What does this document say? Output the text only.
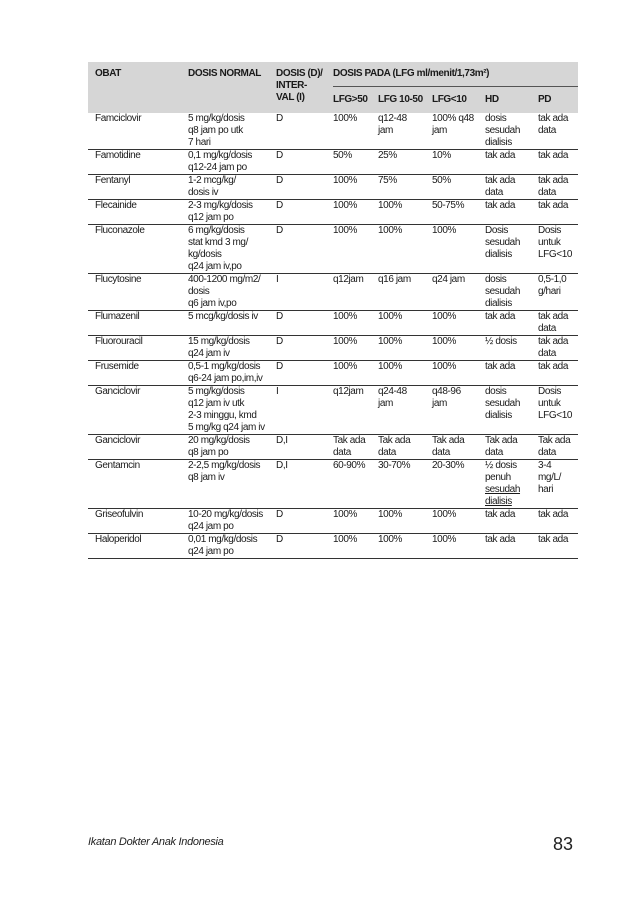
OBAT	DOSIS NORMAL	DOSIS (D)/
INTER-
VAL (I)	DOSIS PADA (LFG ml/menit/1,73m²)				

			LFG>50	LFG 10-50	LFG<10	HD	PD

Famciclovir	5 mg/kg/dosis
q8 jam po utk
7 hari	D	100%	q12-48
jam	100% q48
jam	dosis
sesudah
dialisis	tak ada
data

Famotidine	0,1 mg/kg/dosis
q12-24 jam po	D	50%	25%	10%	tak ada	tak ada

Fentanyl	1-2 mcg/kg/
dosis iv	D	100%	75%	50%	tak ada
data	tak ada
data

Flecainide	2-3 mg/kg/dosis
q12 jam po	D	100%	100%	50-75%	tak ada	tak ada

Fluconazole	6 mg/kg/dosis
stat kmd 3 mg/
kg/dosis
q24 jam iv,po	D	100%	100%	100%	Dosis
sesudah
dialisis	Dosis
untuk
LFG<10

Flucytosine	400-1200 mg/m2/
dosis
q6 jam iv,po	I	q12jam	q16 jam	q24 jam	dosis
sesudah
dialisis	0,5-1,0
g/hari

Flumazenil	5 mcg/kg/dosis iv	D	100%	100%	100%	tak ada	tak ada
data

Fluorouracil	15 mg/kg/dosis
q24 jam iv	D	100%	100%	100%	½ dosis	tak ada
data

Frusemide	0,5-1 mg/kg/dosis
q6-24 jam po,im,iv	D	100%	100%	100%	tak ada	tak ada

Ganciclovir	5 mg/kg/dosis
q12 jam iv utk
2-3 minggu, kmd
5 mg/kg q24 jam iv	I	q12jam	q24-48
jam	q48-96
jam	dosis
sesudah
dialisis	Dosis
untuk
LFG<10

Ganciclovir	20 mg/kg/dosis
q8 jam po	D,I	Tak ada
data	Tak ada
data	Tak ada
data	Tak ada
data	Tak ada
data

Gentamcin	2-2,5 mg/kg/dosis
q8 jam iv	D,I	60-90%	30-70%	20-30%	½ dosis
penuh
sesudah
dialisis	3-4
mg/L/
hari

Griseofulvin	10-20 mg/kg/dosis
q24 jam po	D	100%	100%	100%	tak ada	tak ada

Haloperidol	0,01 mg/kg/dosis
q24 jam po	D	100%	100%	100%	tak ada	tak ada
Ikatan Dokter Anak Indonesia	83
